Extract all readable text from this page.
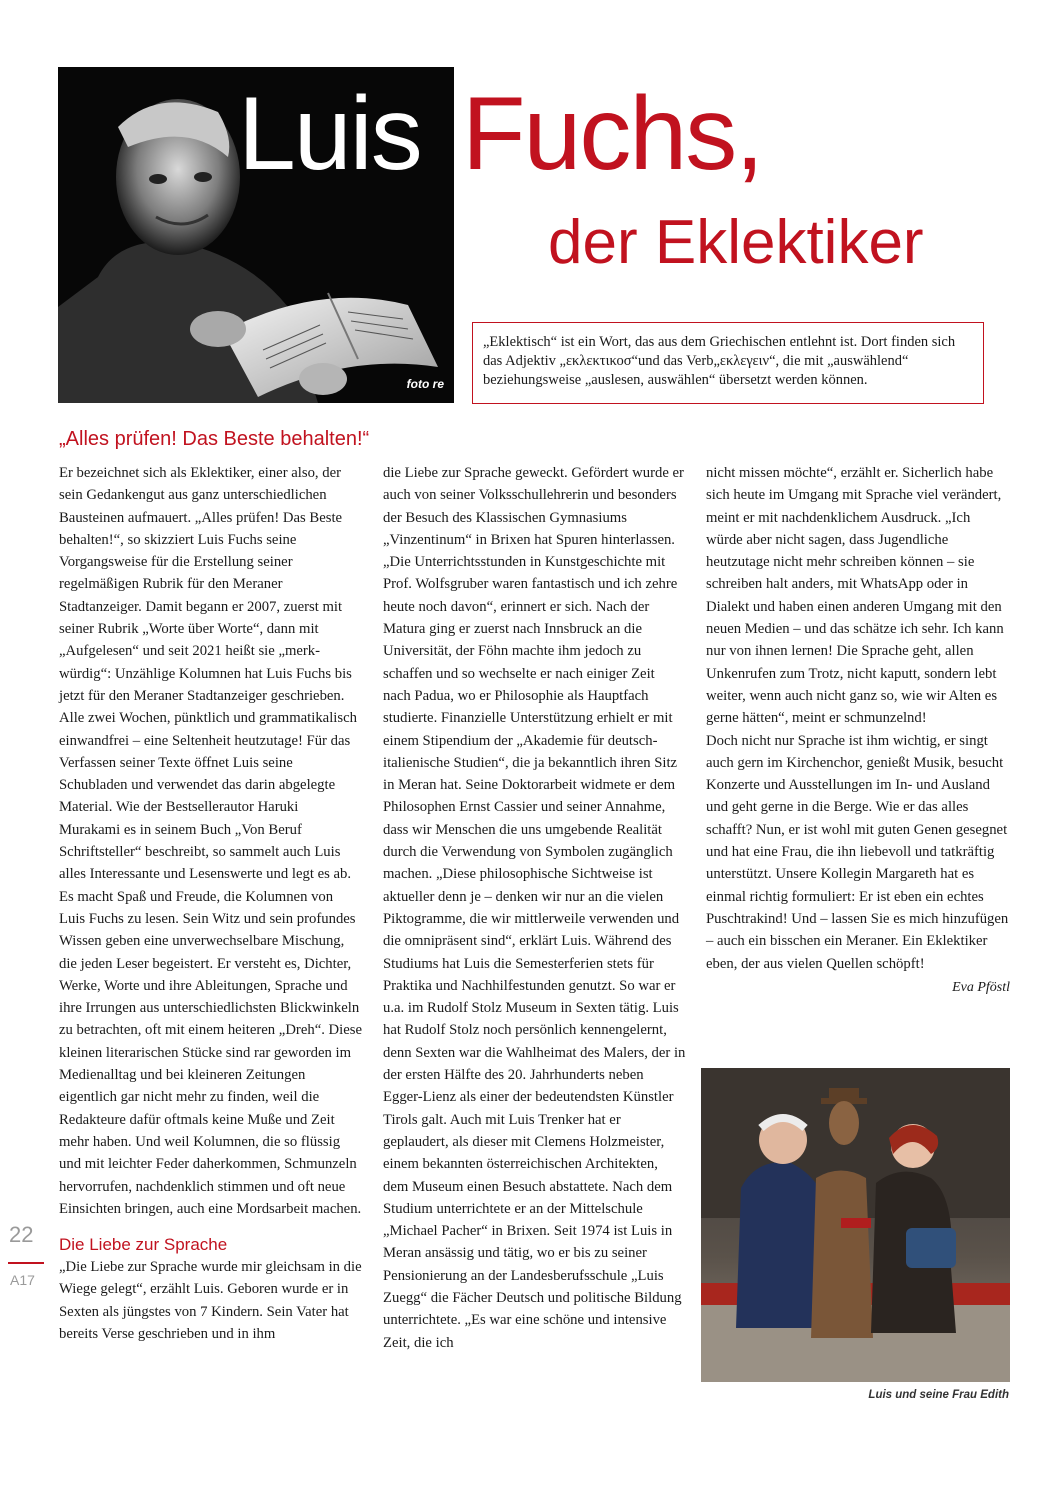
foto re
Luis Fuchs,
der Eklektiker
„Eklektisch“ ist ein Wort, das aus dem Griechischen entlehnt ist. Dort finden sich das Adjektiv „εκλεκτικοσ“und das Verb„εκλεγειν“, die mit „auswählend“ beziehungsweise „auslesen, auswählen“ übersetzt werden können.
„Alles prüfen! Das Beste behalten!“

Er bezeichnet sich als Eklektiker, einer also, der sein Gedankengut aus ganz unterschiedlichen Bausteinen aufmauert. „Alles prüfen! Das Beste behalten!“, so skizziert Luis Fuchs seine Vorgangsweise für die Erstellung seiner regelmäßigen Rubrik für den Meraner Stadtanzeiger. Damit begann er 2007, zuerst mit seiner Rubrik „Worte über Worte“, dann mit „Aufgelesen“ und seit 2021 heißt sie „merk-würdig“: Unzählige Kolumnen hat Luis Fuchs bis jetzt für den Meraner Stadtanzeiger geschrieben. Alle zwei Wochen, pünktlich und grammatikalisch einwandfrei – eine Seltenheit heutzutage! Für das Verfassen seiner Texte öffnet Luis seine Schubladen und verwendet das darin abgelegte Material. Wie der Bestsellerautor Haruki Murakami es in seinem Buch „Von Beruf Schriftsteller“ beschreibt, so sammelt auch Luis alles Interessante und Lesenswerte und legt es ab.

Es macht Spaß und Freude, die Kolumnen von Luis Fuchs zu lesen. Sein Witz und sein profundes Wissen geben eine unverwechselbare Mischung, die jeden Leser begeistert. Er versteht es, Dichter, Werke, Worte und ihre Ableitungen, Sprache und ihre Irrungen aus unterschiedlichsten Blickwinkeln zu betrachten, oft mit einem heiteren „Dreh“. Diese kleinen literarischen Stücke sind rar geworden im Medienalltag und bei kleineren Zeitungen eigentlich gar nicht mehr zu finden, weil die Redakteure dafür oftmals keine Muße und Zeit mehr haben. Und weil Kolumnen, die so flüssig und mit leichter Feder daherkommen, Schmunzeln hervorrufen, nachdenklich stimmen und oft neue Einsichten bringen, auch eine Mordsarbeit machen.

Die Liebe zur Sprache

„Die Liebe zur Sprache wurde mir gleichsam in die Wiege gelegt“, erzählt Luis. Geboren wurde er in Sexten als jüngstes von 7 Kindern. Sein Vater hat bereits Verse geschrieben und in ihm

die Liebe zur Sprache geweckt. Gefördert wurde er auch von seiner Volksschullehrerin und besonders der Besuch des Klassischen Gymnasiums „Vinzentinum“ in Brixen hat Spuren hinterlassen. „Die Unterrichtsstunden in Kunstgeschichte mit Prof. Wolfsgruber waren fantastisch und ich zehre heute noch davon“, erinnert er sich. Nach der Matura ging er zuerst nach Innsbruck an die Universität, der Föhn machte ihm jedoch zu schaffen und so wechselte er nach einiger Zeit nach Padua, wo er Philosophie als Hauptfach studierte. Finanzielle Unterstützung erhielt er mit einem Stipendium der „Akademie für deutsch-italienische Studien“, die ja bekanntlich ihren Sitz in Meran hat. Seine Doktorarbeit widmete er dem Philosophen Ernst Cassier und seiner Annahme, dass wir Menschen die uns umgebende Realität durch die Verwendung von Symbolen zugänglich machen. „Diese philosophische Sichtweise ist aktueller denn je – denken wir nur an die vielen Piktogramme, die wir mittlerweile verwenden und die omnipräsent sind“, erklärt Luis. Während des Studiums hat Luis die Semesterferien stets für Praktika und Nachhilfestunden genutzt. So war er u.a. im Rudolf Stolz Museum in Sexten tätig. Luis hat Rudolf Stolz noch persönlich kennengelernt, denn Sexten war die Wahlheimat des Malers, der in der ersten Hälfte des 20. Jahrhunderts neben Egger-Lienz als einer der bedeutendsten Künstler Tirols galt. Auch mit Luis Trenker hat er geplaudert, als dieser mit Clemens Holzmeister, einem bekannten österreichischen Architekten, dem Museum einen Besuch abstattete. Nach dem Studium unterrichtete er an der Mittelschule „Michael Pacher“ in Brixen. Seit 1974 ist Luis in Meran ansässig und tätig, wo er bis zu seiner Pensionierung an der Landesberufsschule „Luis Zuegg“ die Fächer Deutsch und politische Bildung unterrichtete. „Es war eine schöne und intensive Zeit, die ich

nicht missen möchte“, erzählt er. Sicherlich habe sich heute im Umgang mit Sprache viel verändert, meint er mit nachdenklichem Ausdruck. „Ich würde aber nicht sagen, dass Jugendliche heutzutage nicht mehr schreiben können – sie schreiben halt anders, mit WhatsApp oder in Dialekt und haben einen anderen Umgang mit den neuen Medien – und das schätze ich sehr. Ich kann nur von ihnen lernen! Die Sprache geht, allen Unkenrufen zum Trotz, nicht kaputt, sondern lebt weiter, wenn auch nicht ganz so, wie wir Alten es gerne hätten“, meint er schmunzelnd!

Doch nicht nur Sprache ist ihm wichtig, er singt auch gern im Kirchenchor, genießt Musik, besucht Konzerte und Ausstellungen im In- und Ausland und geht gerne in die Berge. Wie er das alles schafft? Nun, er ist wohl mit guten Genen gesegnet und hat eine Frau, die ihn liebevoll und tatkräftig unterstützt. Unsere Kollegin Margareth hat es einmal richtig formuliert: Er ist eben ein echtes Puschtrakind! Und – lassen Sie es mich hinzufügen – auch ein bisschen ein Meraner. Ein Eklektiker eben, der aus vielen Quellen schöpft!

Eva Pföstl

Luis und seine Frau Edith

22
A17
